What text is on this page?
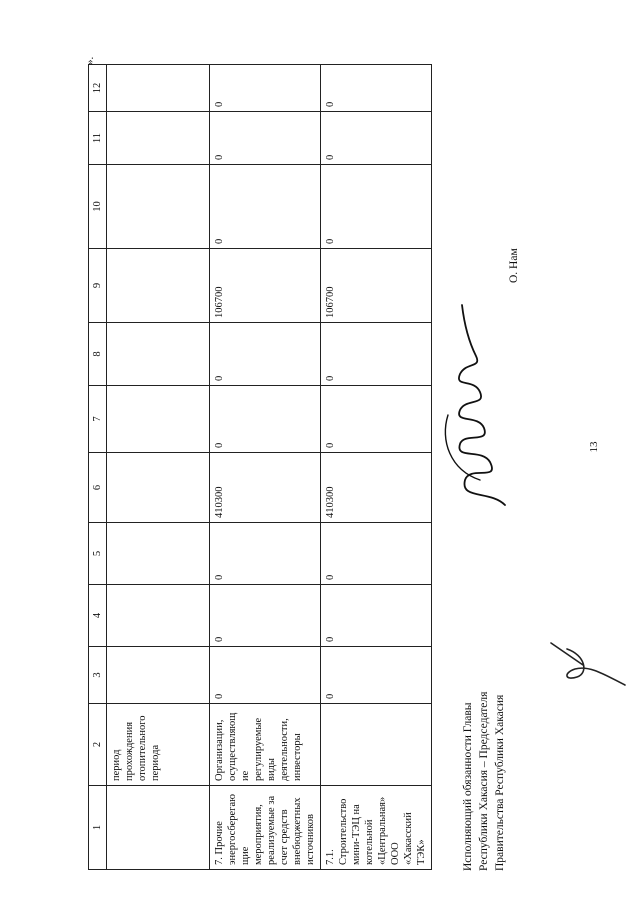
13
1	2	3	4	5	6	7	8	9	10	11	12
	период прохождения отопительного периода										
7. Прочие энергосберегающие мероприятия, реализуемые за счет средств внебюджетных источников	Организации, осуществляющие регулируемые виды деятельности, инвесторы	0	0	0	410300	0	0	106700	0	0	0
7.1. Строительство мини-ТЭЦ на котельной «Центральная» ООО «Хакасский ТЭК»		0	0	0	410300	0	0	106700	0	0	0
».
Исполняющий обязанности Главы Республики Хакасия – Председателя Правительства Республики Хакасия
О. Нам
